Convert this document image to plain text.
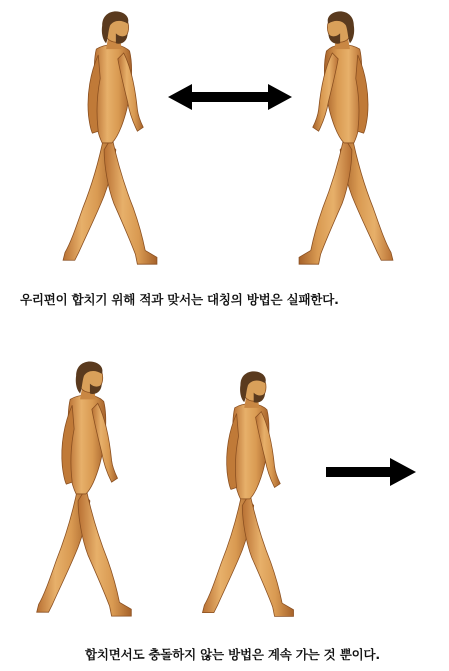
우리편이 합치기 위해 적과 맞서는 대칭의 방법은 실패한다.
합치면서도 충돌하지 않는 방법은 계속 가는 것 뿐이다.
